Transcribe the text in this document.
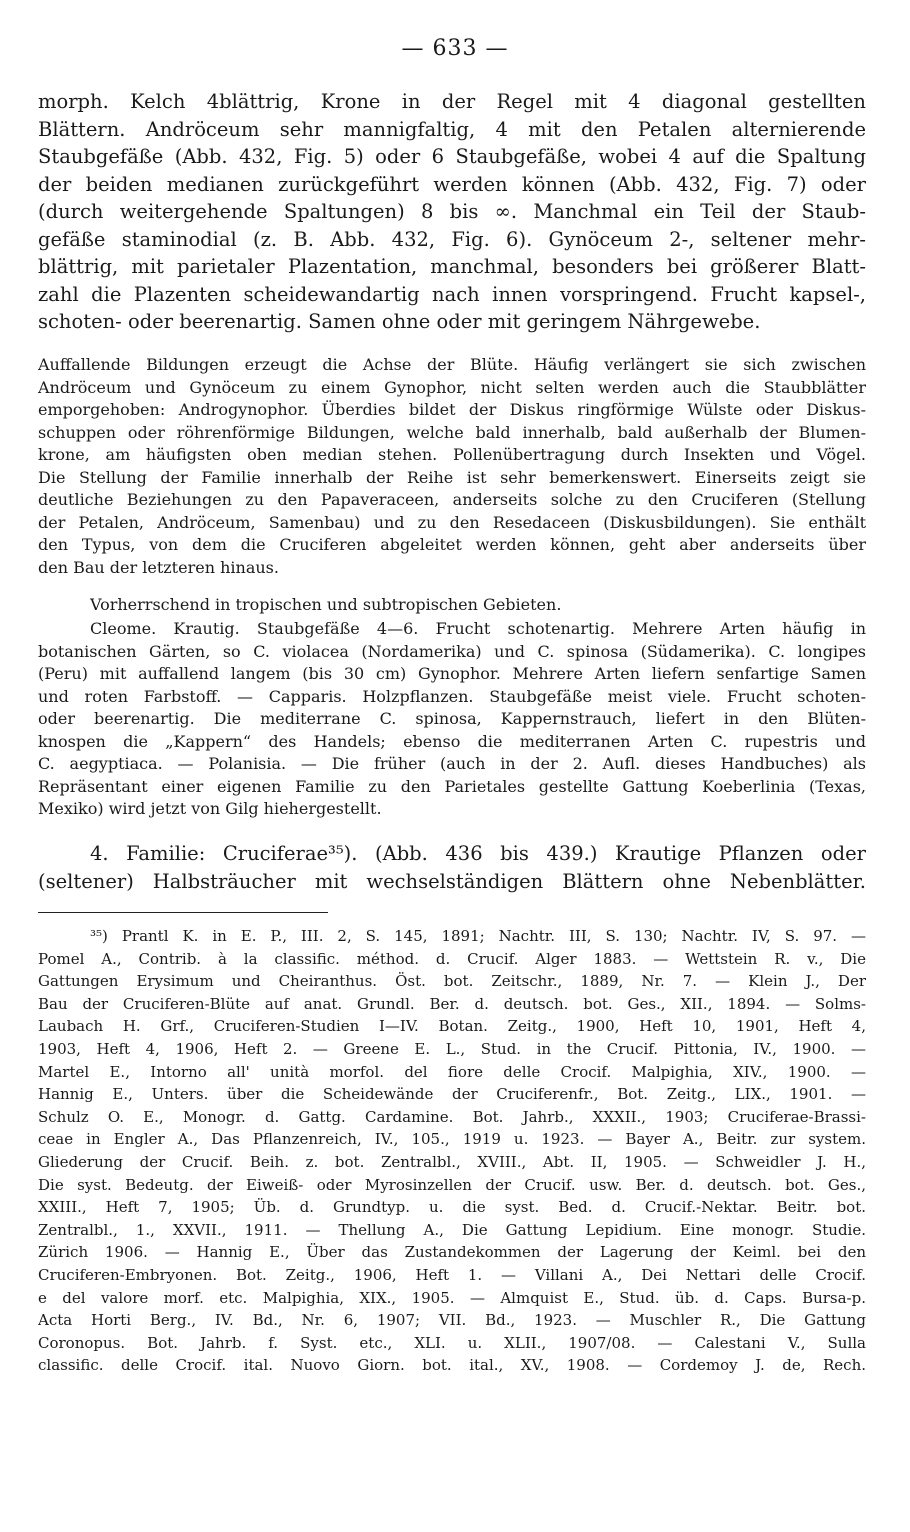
— 633 —
morph. Kelch 4blättrig, Krone in der Regel mit 4 diagonal gestellten
Blättern. Andröceum sehr mannigfaltig, 4 mit den Petalen alternierende
Staubgefäße (Abb. 432, Fig. 5) oder 6 Staubgefäße, wobei 4 auf die Spaltung
der beiden medianen zurückgeführt werden können (Abb. 432, Fig. 7) oder
(durch weitergehende Spaltungen) 8 bis ∞. Manchmal ein Teil der Staub-
gefäße staminodial (z. B. Abb. 432, Fig. 6). Gynöceum 2-, seltener mehr-
blättrig, mit parietaler Plazentation, manchmal, besonders bei größerer Blatt-
zahl die Plazenten scheidewandartig nach innen vorspringend. Frucht kapsel-,
schoten- oder beerenartig. Samen ohne oder mit geringem Nährgewebe.
Auffallende Bildungen erzeugt die Achse der Blüte. Häufig verlängert sie sich zwischen
Andröceum und Gynöceum zu einem Gynophor, nicht selten werden auch die Staubblätter
emporgehoben: Androgynophor. Überdies bildet der Diskus ringförmige Wülste oder Diskus-
schuppen oder röhrenförmige Bildungen, welche bald innerhalb, bald außerhalb der Blumen-
krone, am häufigsten oben median stehen. Pollenübertragung durch Insekten und Vögel.
Die Stellung der Familie innerhalb der Reihe ist sehr bemerkenswert. Einerseits zeigt sie
deutliche Beziehungen zu den Papaveraceen, anderseits solche zu den Cruciferen (Stellung
der Petalen, Andröceum, Samenbau) und zu den Resedaceen (Diskusbildungen). Sie enthält
den Typus, von dem die Cruciferen abgeleitet werden können, geht aber anderseits über
den Bau der letzteren hinaus.
Vorherrschend in tropischen und subtropischen Gebieten.
Cleome. Krautig. Staubgefäße 4—6. Frucht schotenartig. Mehrere Arten häufig in
botanischen Gärten, so C. violacea (Nordamerika) und C. spinosa (Südamerika). C. longipes
(Peru) mit auffallend langem (bis 30 cm) Gynophor. Mehrere Arten liefern senfartige Samen
und roten Farbstoff. — Capparis. Holzpflanzen. Staubgefäße meist viele. Frucht schoten-
oder beerenartig. Die mediterrane C. spinosa, Kappernstrauch, liefert in den Blüten-
knospen die „Kappern“ des Handels; ebenso die mediterranen Arten C. rupestris und
C. aegyptiaca. — Polanisia. — Die früher (auch in der 2. Aufl. dieses Handbuches) als
Repräsentant einer eigenen Familie zu den Parietales gestellte Gattung Koeberlinia (Texas,
Mexiko) wird jetzt von Gilg hiehergestellt.
4. Familie: Cruciferae³⁵). (Abb. 436 bis 439.) Krautige Pflanzen oder
(seltener) Halbsträucher mit wechselständigen Blättern ohne Nebenblätter.
³⁵) Prantl K. in E. P., III. 2, S. 145, 1891; Nachtr. III, S. 130; Nachtr. IV, S. 97. —
Pomel A., Contrib. à la classific. méthod. d. Crucif. Alger 1883. — Wettstein R. v., Die
Gattungen Erysimum und Cheiranthus. Öst. bot. Zeitschr., 1889, Nr. 7. — Klein J., Der
Bau der Cruciferen-Blüte auf anat. Grundl. Ber. d. deutsch. bot. Ges., XII., 1894. — Solms-
Laubach H. Grf., Cruciferen-Studien I—IV. Botan. Zeitg., 1900, Heft 10, 1901, Heft 4,
1903, Heft 4, 1906, Heft 2. — Greene E. L., Stud. in the Crucif. Pittonia, IV., 1900. —
Martel E., Intorno all' unità morfol. del fiore delle Crocif. Malpighia, XIV., 1900. —
Hannig E., Unters. über die Scheidewände der Cruciferenfr., Bot. Zeitg., LIX., 1901. —
Schulz O. E., Monogr. d. Gattg. Cardamine. Bot. Jahrb., XXXII., 1903; Cruciferae-Brassi-
ceae in Engler A., Das Pflanzenreich, IV., 105., 1919 u. 1923. — Bayer A., Beitr. zur system.
Gliederung der Crucif. Beih. z. bot. Zentralbl., XVIII., Abt. II, 1905. — Schweidler J. H.,
Die syst. Bedeutg. der Eiweiß- oder Myrosinzellen der Crucif. usw. Ber. d. deutsch. bot. Ges.,
XXIII., Heft 7, 1905; Üb. d. Grundtyp. u. die syst. Bed. d. Crucif.-Nektar. Beitr. bot.
Zentralbl., 1., XXVII., 1911. — Thellung A., Die Gattung Lepidium. Eine monogr. Studie.
Zürich 1906. — Hannig E., Über das Zustandekommen der Lagerung der Keiml. bei den
Cruciferen-Embryonen. Bot. Zeitg., 1906, Heft 1. — Villani A., Dei Nettari delle Crocif.
e del valore morf. etc. Malpighia, XIX., 1905. — Almquist E., Stud. üb. d. Caps. Bursa-p.
Acta Horti Berg., IV. Bd., Nr. 6, 1907; VII. Bd., 1923. — Muschler R., Die Gattung
Coronopus. Bot. Jahrb. f. Syst. etc., XLI. u. XLII., 1907/08. — Calestani V., Sulla
classific. delle Crocif. ital. Nuovo Giorn. bot. ital., XV., 1908. — Cordemoy J. de, Rech.
